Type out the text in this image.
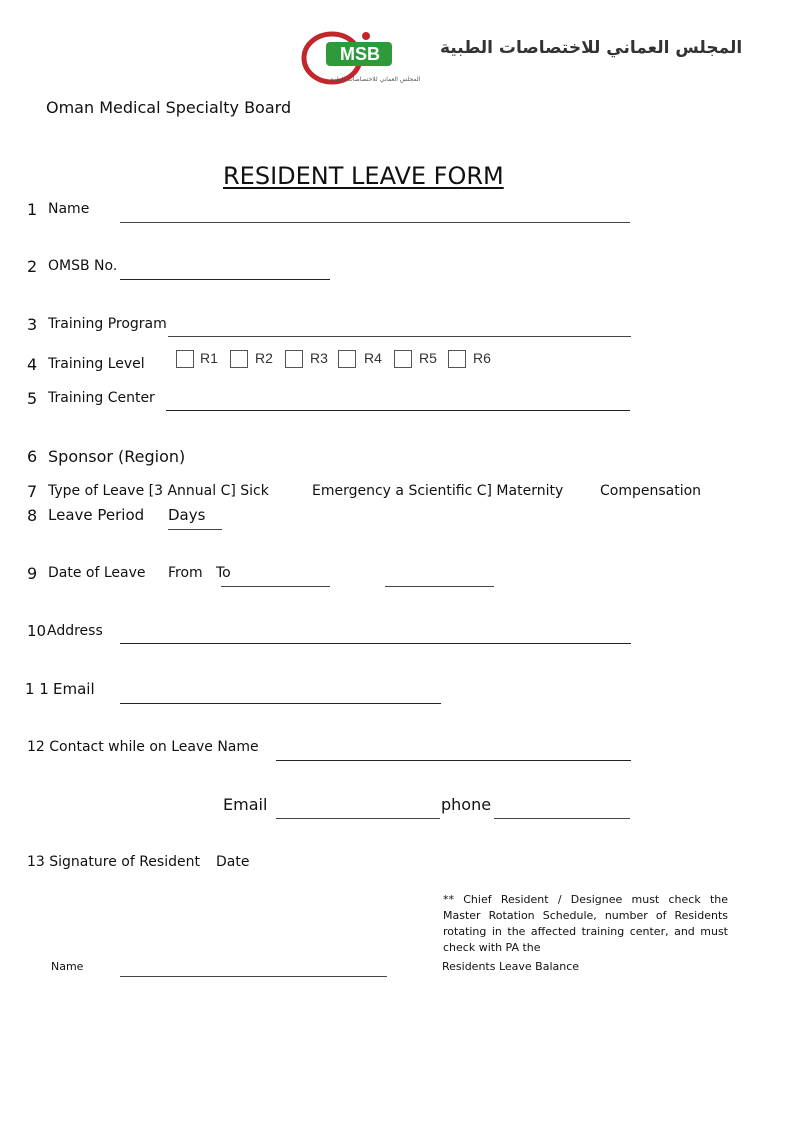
MSB
المجلس العماني للاختصاصات الطبية
المجلس العماني للاختصاصات الطبية
Oman Medical Specialty Board
RESIDENT LEAVE FORM
1 Name
2 OMSB No.
3 Training Program
4 Training Level	R1	R2	R3	R4	R5	R6
5 Training Center
6 Sponsor (Region)
7 Type of Leave [3 Annual C] Sick	Emergency a Scientific C] Maternity	Compensation
8 Leave Period Days
9 Date of Leave From To
10 Address
1 1 Email
12 Contact while on Leave Name
Email	phone
13 Signature of Resident Date
** Chief Resident / Designee must check the Master Rotation Schedule, number of Residents rotating in the affected training center, and must check with PA the
Name	Residents Leave Balance
